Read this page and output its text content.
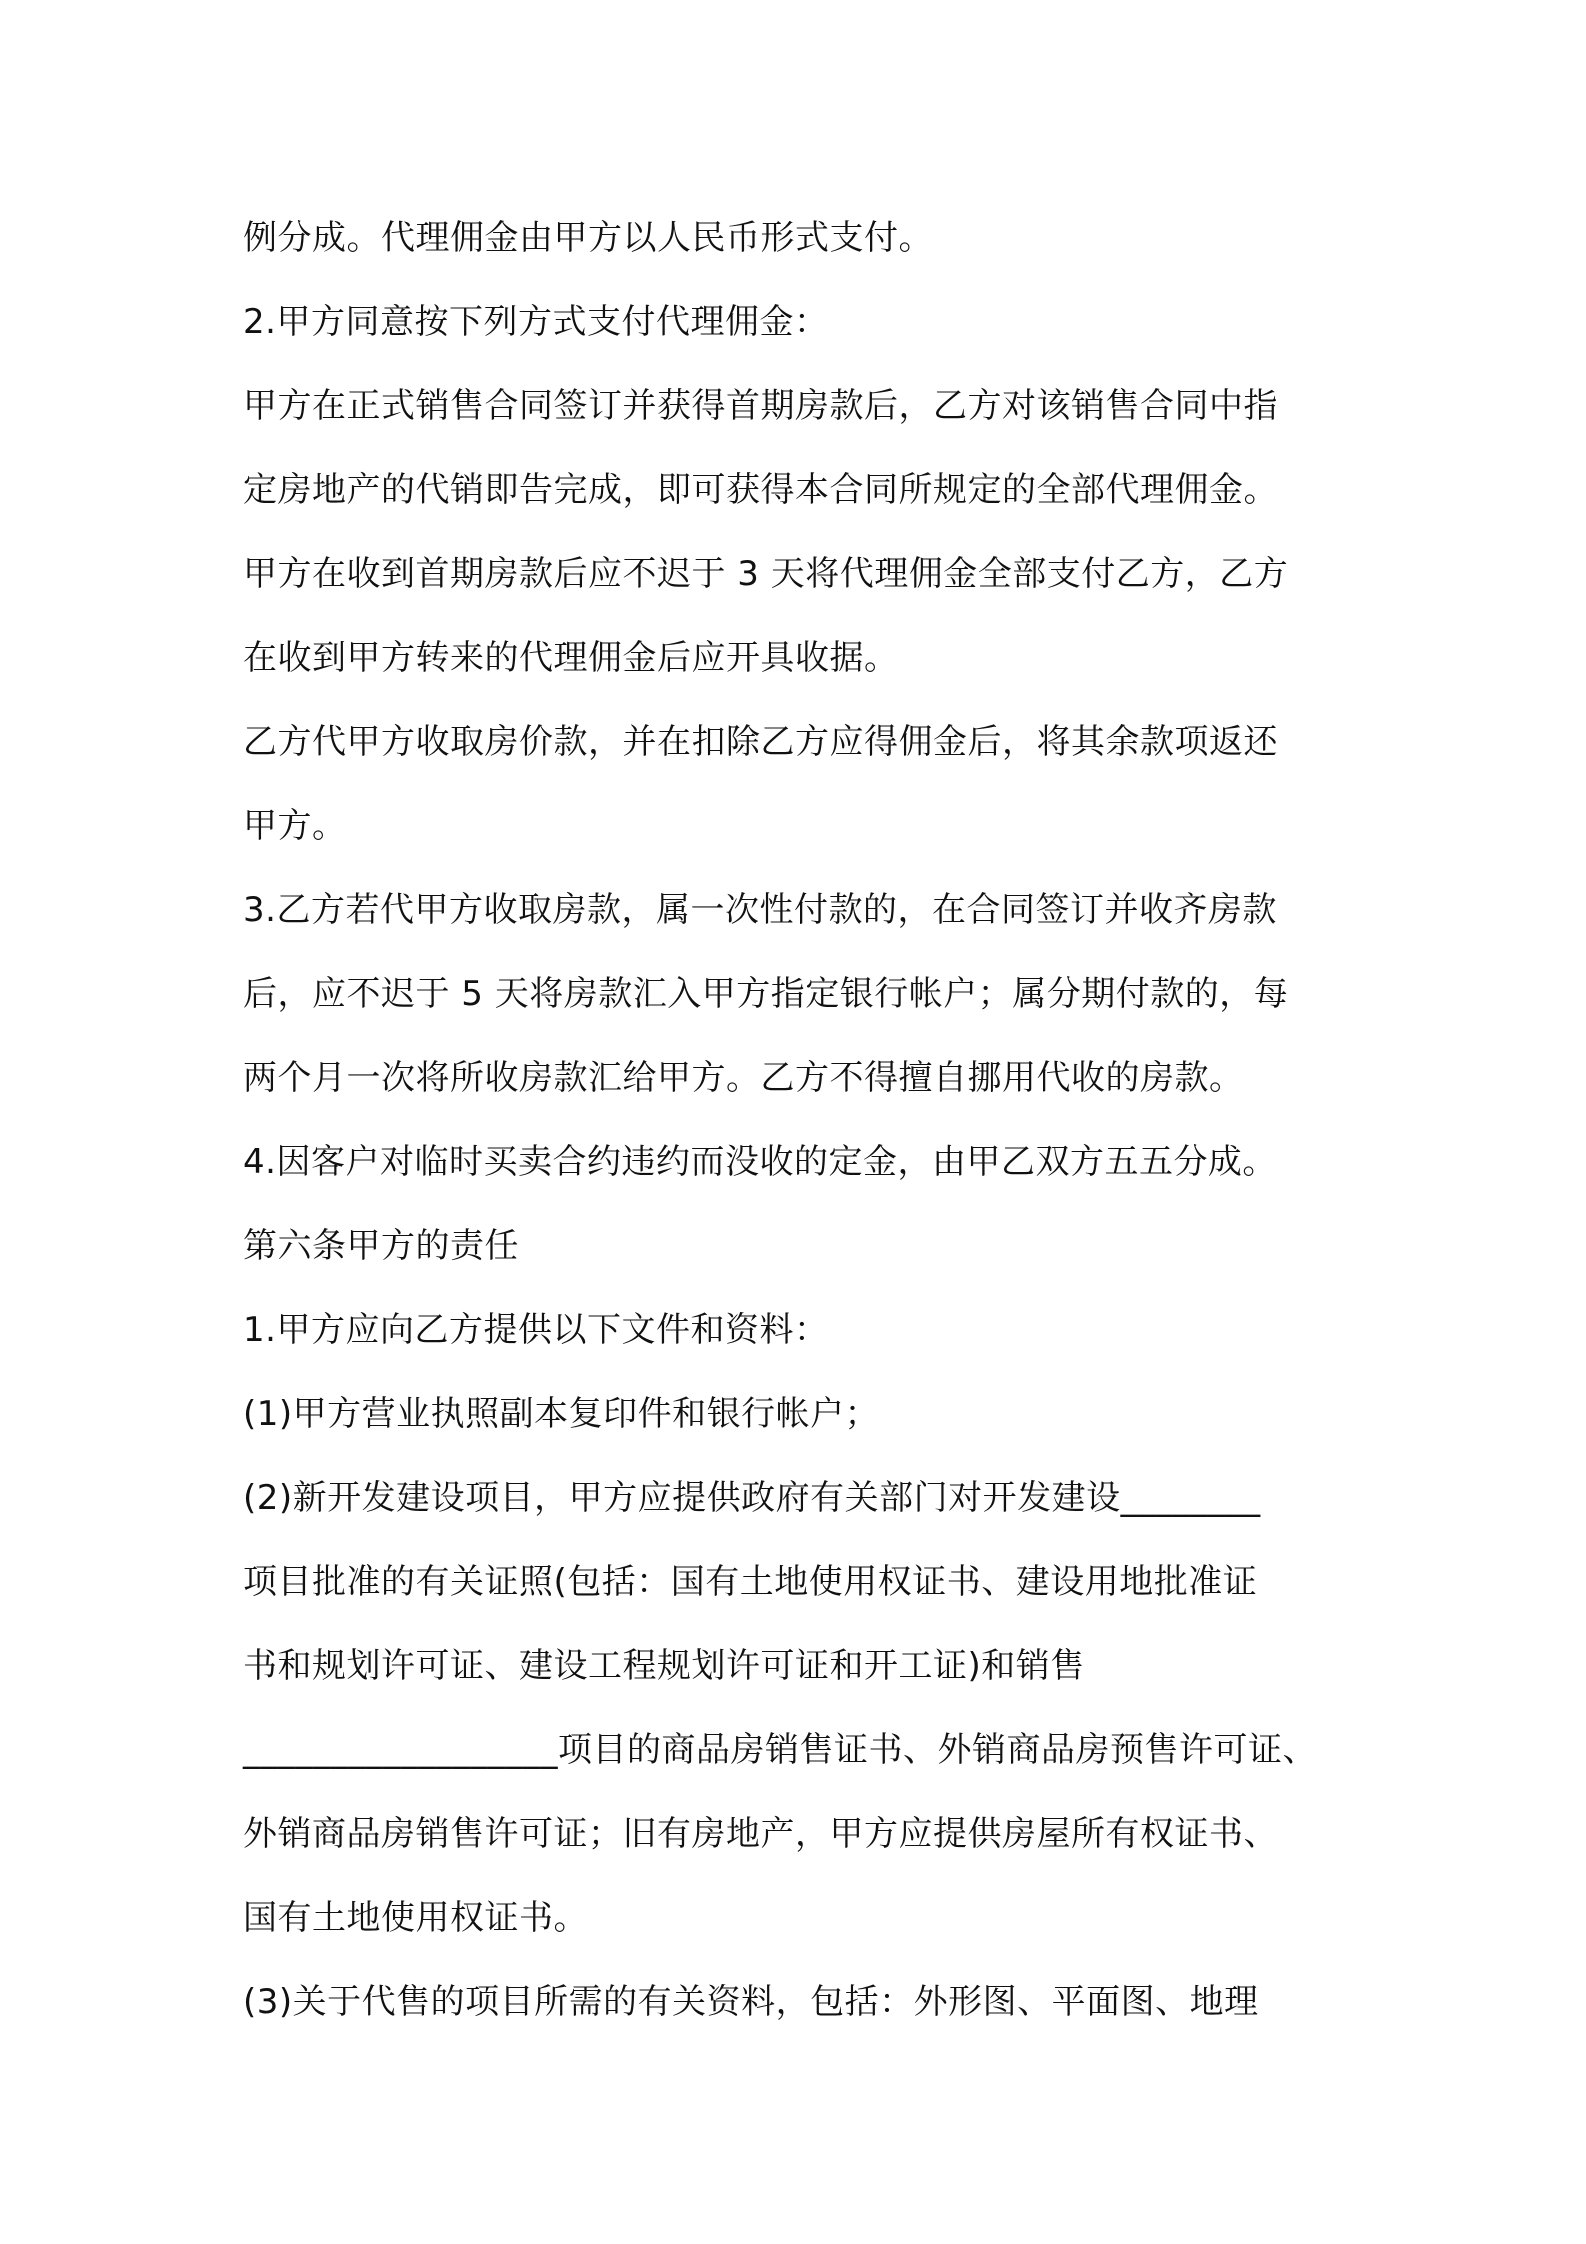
例分成。代理佣金由甲方以人民币形式支付。
2.甲方同意按下列方式支付代理佣金：
甲方在正式销售合同签订并获得首期房款后，乙方对该销售合同中指
定房地产的代销即告完成，即可获得本合同所规定的全部代理佣金。
甲方在收到首期房款后应不迟于 3 天将代理佣金全部支付乙方，乙方
在收到甲方转来的代理佣金后应开具收据。
乙方代甲方收取房价款，并在扣除乙方应得佣金后，将其余款项返还
甲方。
3.乙方若代甲方收取房款，属一次性付款的，在合同签订并收齐房款
后，应不迟于 5 天将房款汇入甲方指定银行帐户；属分期付款的，每
两个月一次将所收房款汇给甲方。乙方不得擅自挪用代收的房款。
4.因客户对临时买卖合约违约而没收的定金，由甲乙双方五五分成。
第六条甲方的责任
1.甲方应向乙方提供以下文件和资料：
(1)甲方营业执照副本复印件和银行帐户；
(2)新开发建设项目，甲方应提供政府有关部门对开发建设________
项目批准的有关证照(包括：国有土地使用权证书、建设用地批准证
书和规划许可证、建设工程规划许可证和开工证)和销售
__________________项目的商品房销售证书、外销商品房预售许可证、
外销商品房销售许可证；旧有房地产，甲方应提供房屋所有权证书、
国有土地使用权证书。
(3)关于代售的项目所需的有关资料，包括：外形图、平面图、地理
